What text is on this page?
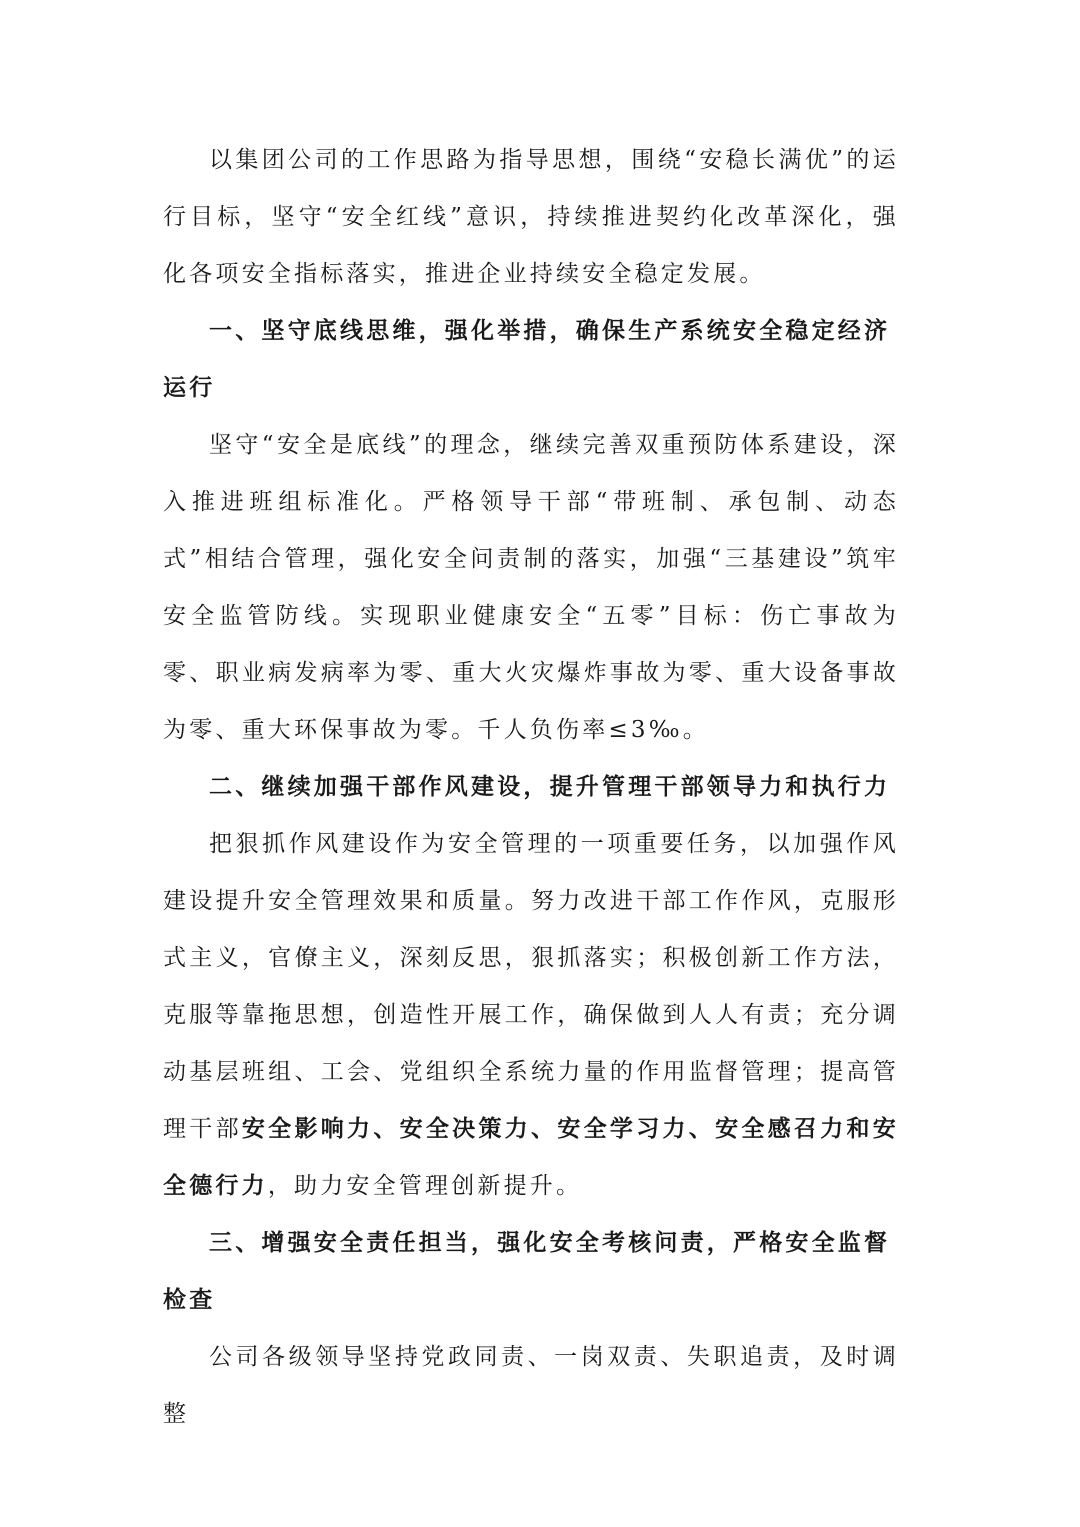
以集团公司的工作思路为指导思想，围绕“安稳长满优”的运行目标，坚守“安全红线”意识，持续推进契约化改革深化，强化各项安全指标落实，推进企业持续安全稳定发展。

一、坚守底线思维，强化举措，确保生产系统安全稳定经济运行

坚守“安全是底线”的理念，继续完善双重预防体系建设，深入推进班组标准化。严格领导干部“带班制、承包制、动态式”相结合管理，强化安全问责制的落实，加强“三基建设”筑牢安全监管防线。实现职业健康安全“五零”目标：伤亡事故为零、职业病发病率为零、重大火灾爆炸事故为零、重大设备事故为零、重大环保事故为零。千人负伤率≤3‰。

二、继续加强干部作风建设，提升管理干部领导力和执行力

把狠抓作风建设作为安全管理的一项重要任务，以加强作风建设提升安全管理效果和质量。努力改进干部工作作风，克服形式主义，官僚主义，深刻反思，狠抓落实；积极创新工作方法，克服等靠拖思想，创造性开展工作，确保做到人人有责；充分调动基层班组、工会、党组织全系统力量的作用监督管理；提高管理干部安全影响力、安全决策力、安全学习力、安全感召力和安全德行力，助力安全管理创新提升。

三、增强安全责任担当，强化安全考核问责，严格安全监督检查

公司各级领导坚持党政同责、一岗双责、失职追责，及时调整
